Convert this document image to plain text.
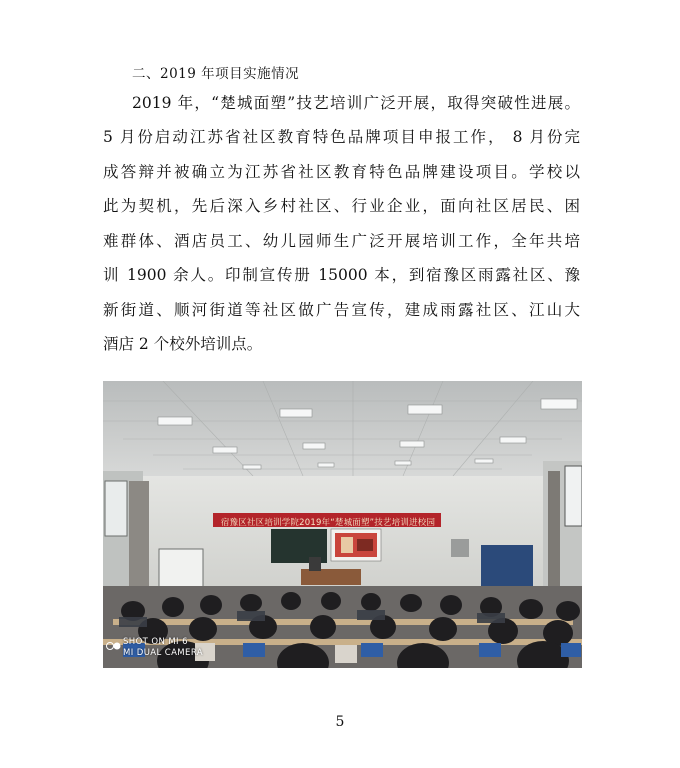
二、2019 年项目实施情况
2019 年，“楚城面塑”技艺培训广泛开展，取得突破性进展。
5 月份启动江苏省社区教育特色品牌项目申报工作， 8 月份完
成答辩并被确立为江苏省社区教育特色品牌建设项目。学校以
此为契机，先后深入乡村社区、行业企业，面向社区居民、困
难群体、酒店员工、幼儿园师生广泛开展培训工作，全年共培
训 1900 余人。印制宣传册 15000 本，到宿豫区雨露社区、豫
新街道、顺河街道等社区做广告宣传，建成雨露社区、江山大
酒店 2 个校外培训点。
宿豫区社区培训学院2019年“楚城面塑”技艺培训进校园
SHOT ON MI 6
MI DUAL CAMERA
5
